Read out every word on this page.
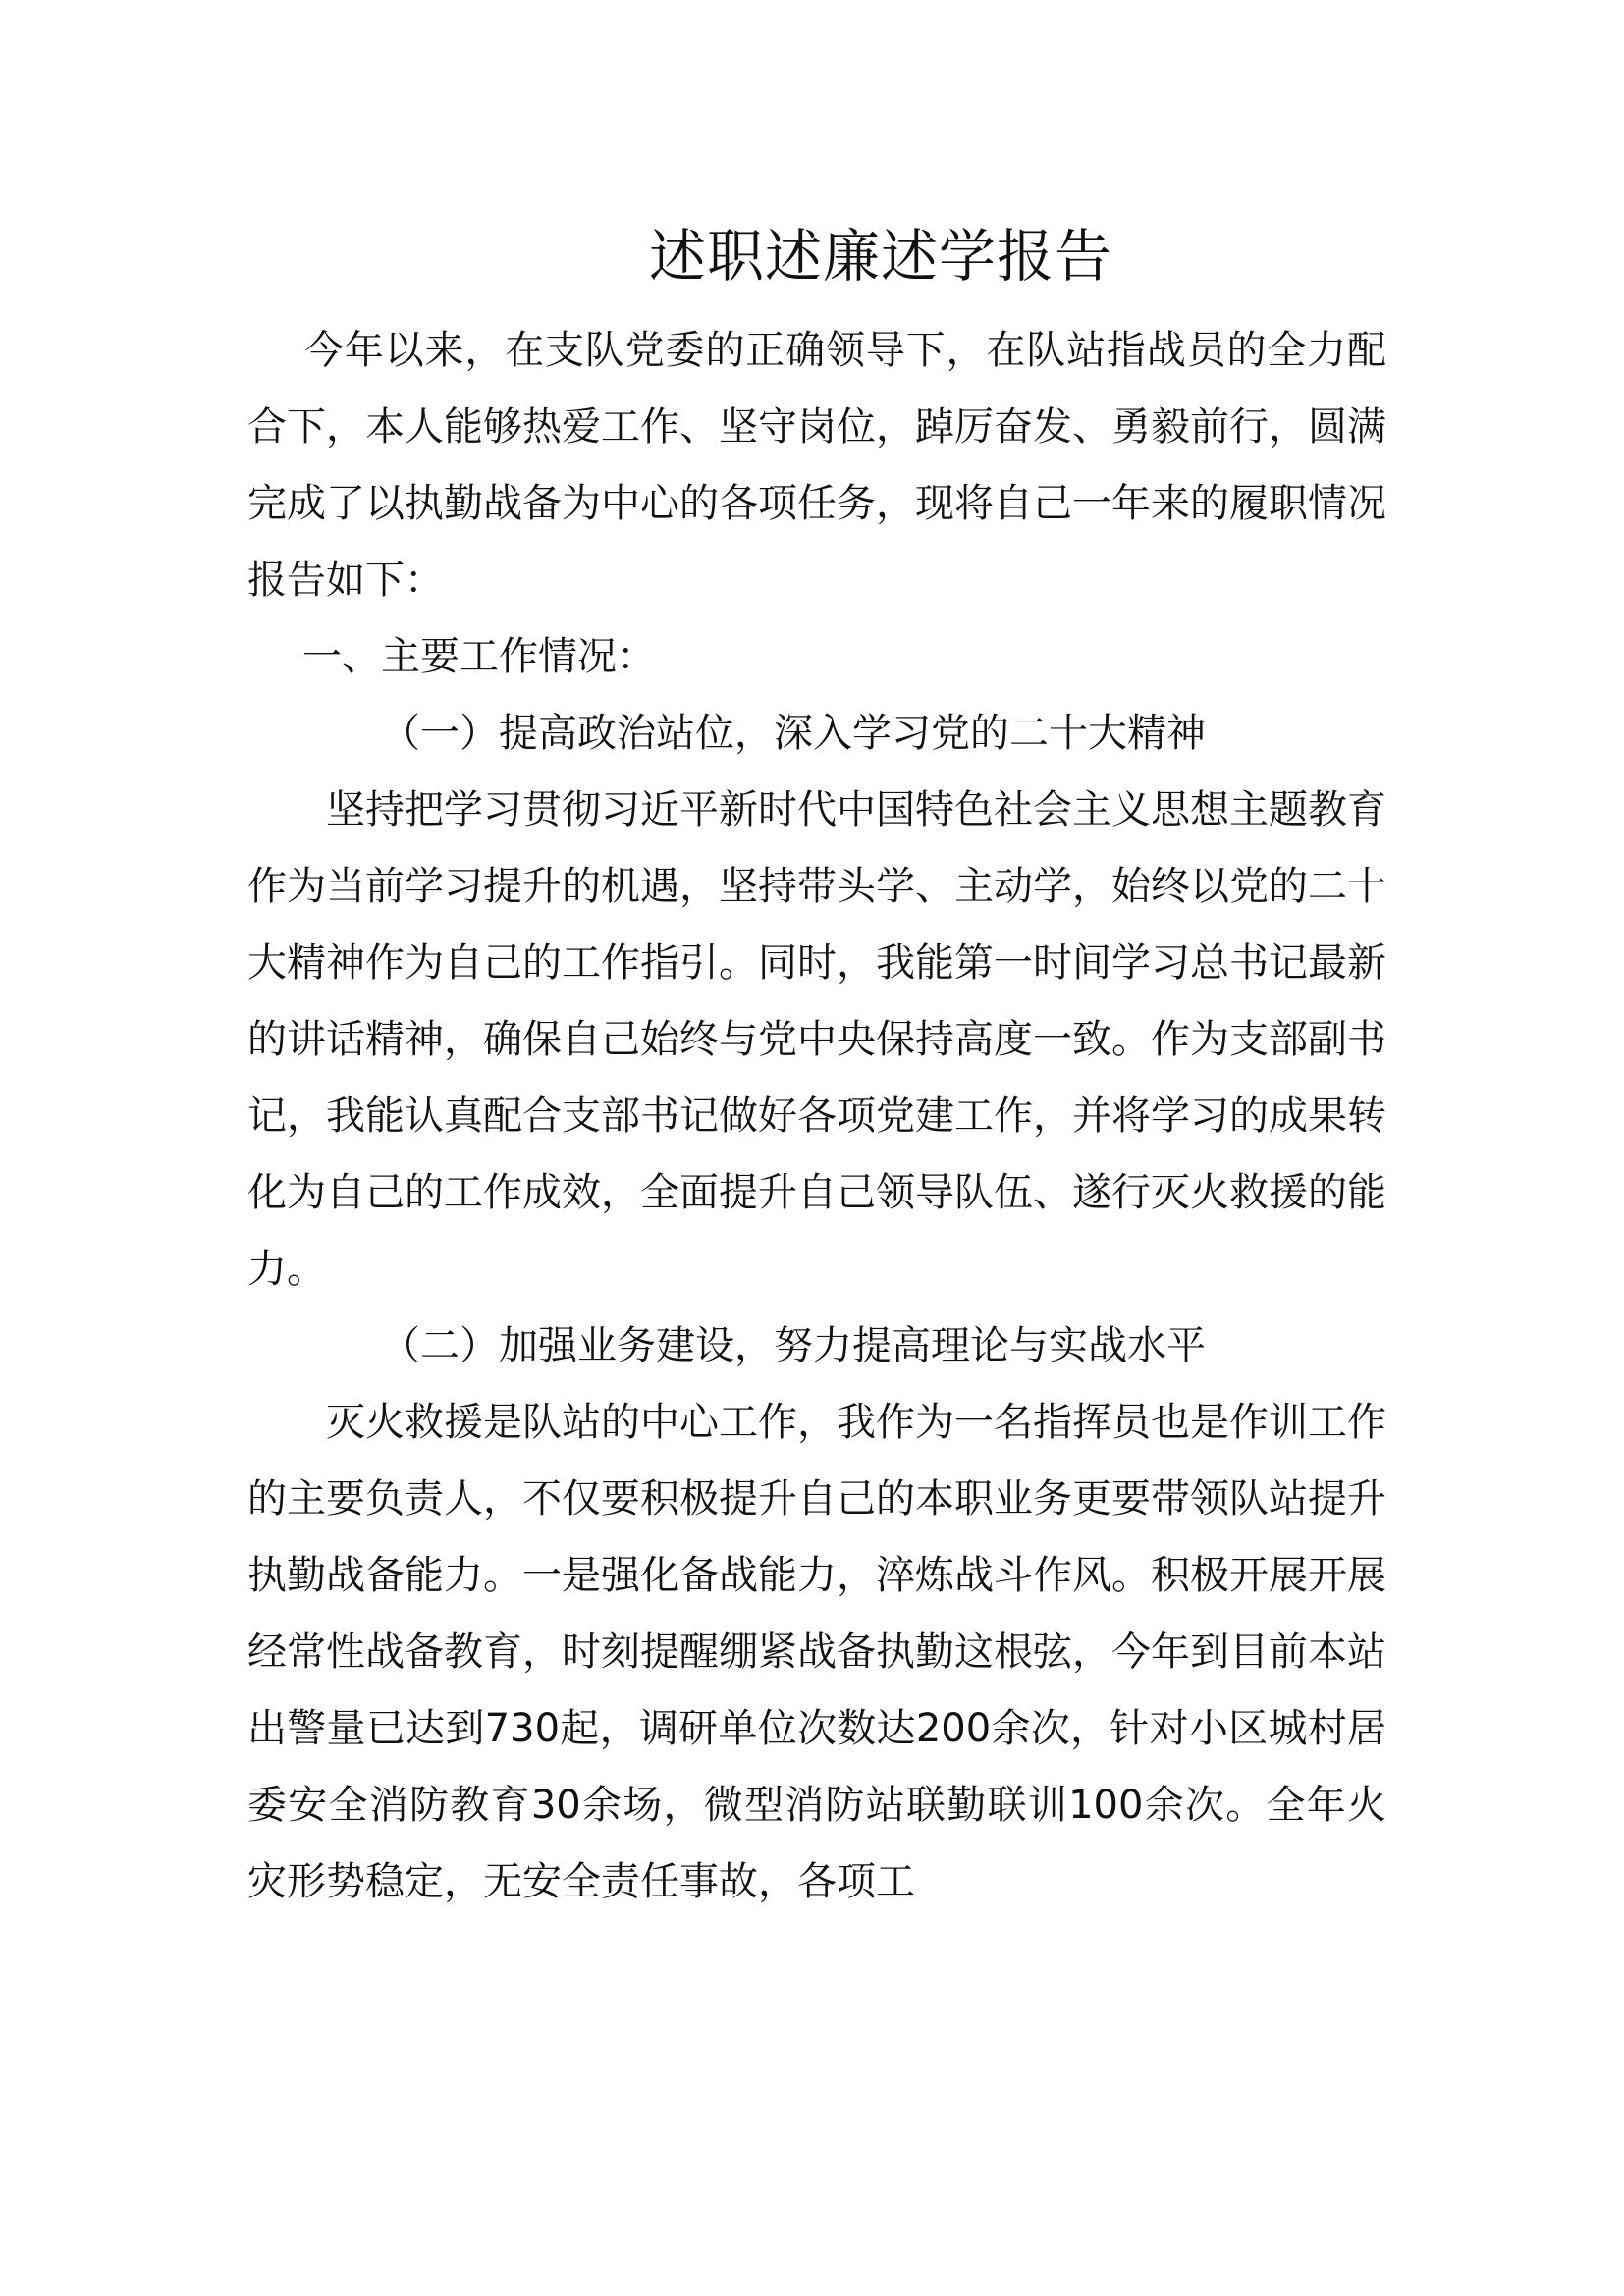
述职述廉述学报告

今年以来，在支队党委的正确领导下，在队站指战员的全力配合下，本人能够热爱工作、坚守岗位，踔厉奋发、勇毅前行，圆满完成了以执勤战备为中心的各项任务，现将自己一年来的履职情况报告如下：

一、主要工作情况：

（一）提高政治站位，深入学习党的二十大精神

坚持把学习贯彻习近平新时代中国特色社会主义思想主题教育作为当前学习提升的机遇，坚持带头学、主动学，始终以党的二十大精神作为自己的工作指引。同时，我能第一时间学习总书记最新的讲话精神，确保自己始终与党中央保持高度一致。作为支部副书记，我能认真配合支部书记做好各项党建工作，并将学习的成果转化为自己的工作成效，全面提升自己领导队伍、遂行灭火救援的能力。

（二）加强业务建设，努力提高理论与实战水平

灭火救援是队站的中心工作，我作为一名指挥员也是作训工作的主要负责人，不仅要积极提升自己的本职业务更要带领队站提升执勤战备能力。一是强化备战能力，淬炼战斗作风。积极开展开展经常性战备教育，时刻提醒绷紧战备执勤这根弦，今年到目前本站出警量已达到730起，调研单位次数达200余次，针对小区城村居委安全消防教育30余场，微型消防站联勤联训100余次。全年火灾形势稳定，无安全责任事故，各项工
